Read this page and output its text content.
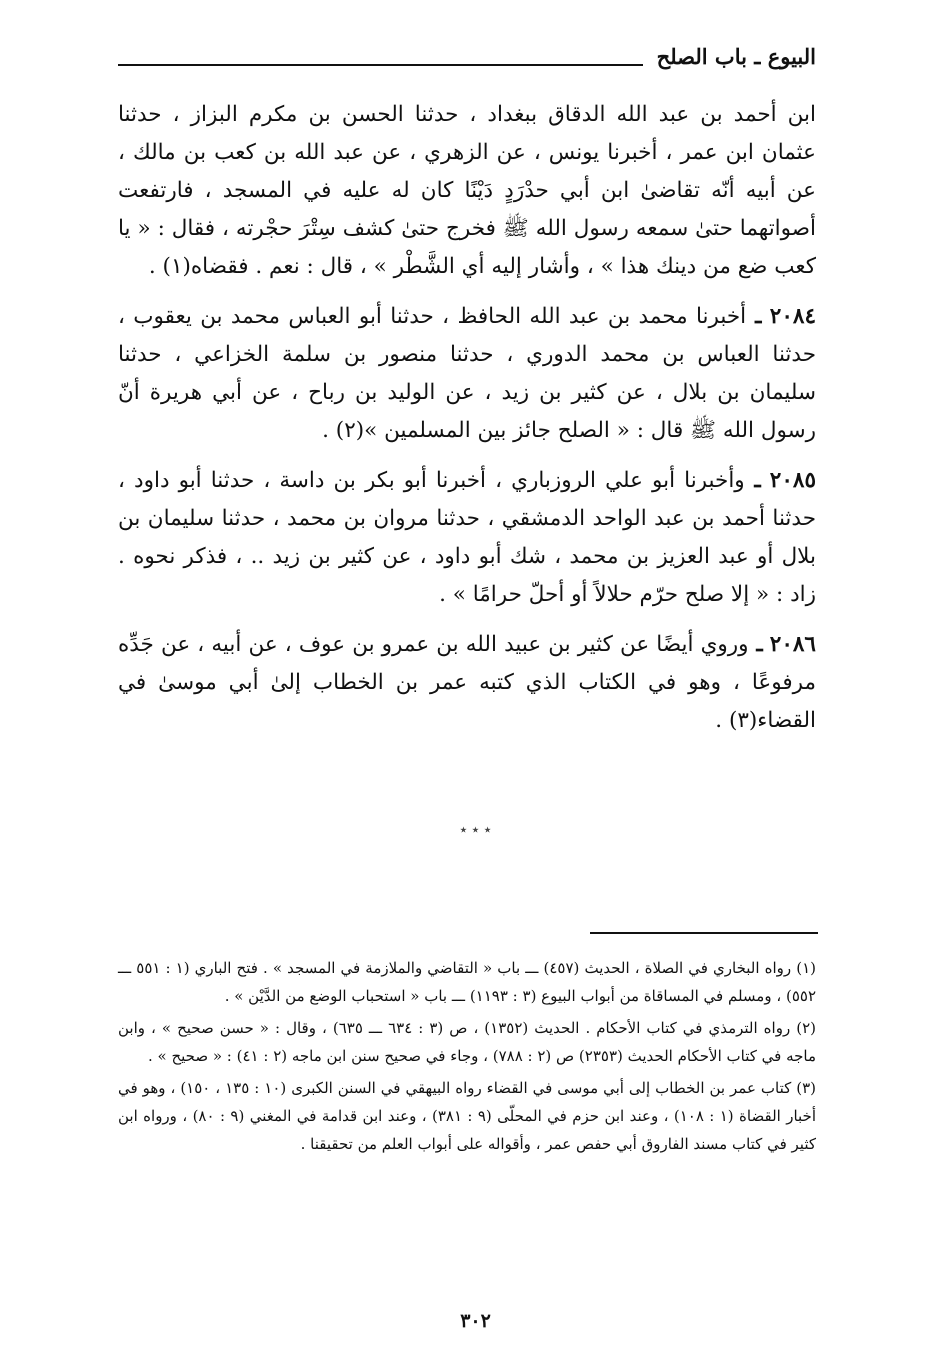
البيوع ـ باب الصلح

ابن أحمد بن عبد الله الدقاق ببغداد ، حدثنا الحسن بن مكرم البزاز ، حدثنا عثمان ابن عمر ، أخبرنا يونس ، عن الزهري ، عن عبد الله بن كعب بن مالك ، عن أبيه أنّه تقاضىٰ ابن أبي حدْرَدٍ دَيْنًا كان له عليه في المسجد ، فارتفعت أصواتهما حتىٰ سمعه رسول الله ﷺ فخرج حتىٰ كشف سِتْرَ حجْرته ، فقال : « يا كعب ضع من دينك هذا » ، وأشار إليه أي الشَّطْر » ، قال : نعم . فقضاه(١) .

٢٠٨٤ ـ أخبرنا محمد بن عبد الله الحافظ ، حدثنا أبو العباس محمد بن يعقوب ، حدثنا العباس بن محمد الدوري ، حدثنا منصور بن سلمة الخزاعي ، حدثنا سليمان بن بلال ، عن كثير بن زيد ، عن الوليد بن رباح ، عن أبي هريرة أنّ رسول الله ﷺ قال : « الصلح جائز بين المسلمين »(٢) .

٢٠٨٥ ـ وأخبرنا أبو علي الروزباري ، أخبرنا أبو بكر بن داسة ، حدثنا أبو داود ، حدثنا أحمد بن عبد الواحد الدمشقي ، حدثنا مروان بن محمد ، حدثنا سليمان بن بلال أو عبد العزيز بن محمد ، شك أبو داود ، عن كثير بن زيد .. ، فذكر نحوه . زاد : « إلا صلح حرّم حلالاً أو أحلّ حرامًا » .

٢٠٨٦ ـ وروي أيضًا عن كثير بن عبيد الله بن عمرو بن عوف ، عن أبيه ، عن جَدِّه مرفوعًا ، وهو في الكتاب الذي كتبه عمر بن الخطاب إلىٰ أبي موسىٰ في القضاء(٣) .

٭ ٭ ٭

(١) رواه البخاري في الصلاة ، الحديث (٤٥٧) ـــ باب « التقاضي والملازمة في المسجد » . فتح الباري (١ : ٥٥١ ـــ ٥٥٢) ، ومسلم في المساقاة من أبواب البيوع (٣ : ١١٩٣) ـــ باب « استحباب الوضع من الدَّيْن » .

(٢) رواه الترمذي في كتاب الأحكام . الحديث (١٣٥٢) ، ص (٣ : ٦٣٤ ـــ ٦٣٥) ، وقال : « حسن صحيح » ، وابن ماجه في كتاب الأحكام الحديث (٢٣٥٣) ص (٢ : ٧٨٨) ، وجاء في صحيح سنن ابن ماجه (٢ : ٤١) : « صحيح » .

(٣) كتاب عمر بن الخطاب إلى أبي موسى في القضاء رواه البيهقي في السنن الكبرى (١٠ : ١٣٥ ، ١٥٠) ، وهو في أخبار القضاة (١ : ١٠٨) ، وعند ابن حزم في المحلّى (٩ : ٣٨١) ، وعند ابن قدامة في المغني (٩ : ٨٠) ، ورواه ابن كثير في كتاب مسند الفاروق أبي حفص عمر ، وأقواله على أبواب العلم من تحقيقنا .

٣٠٢
